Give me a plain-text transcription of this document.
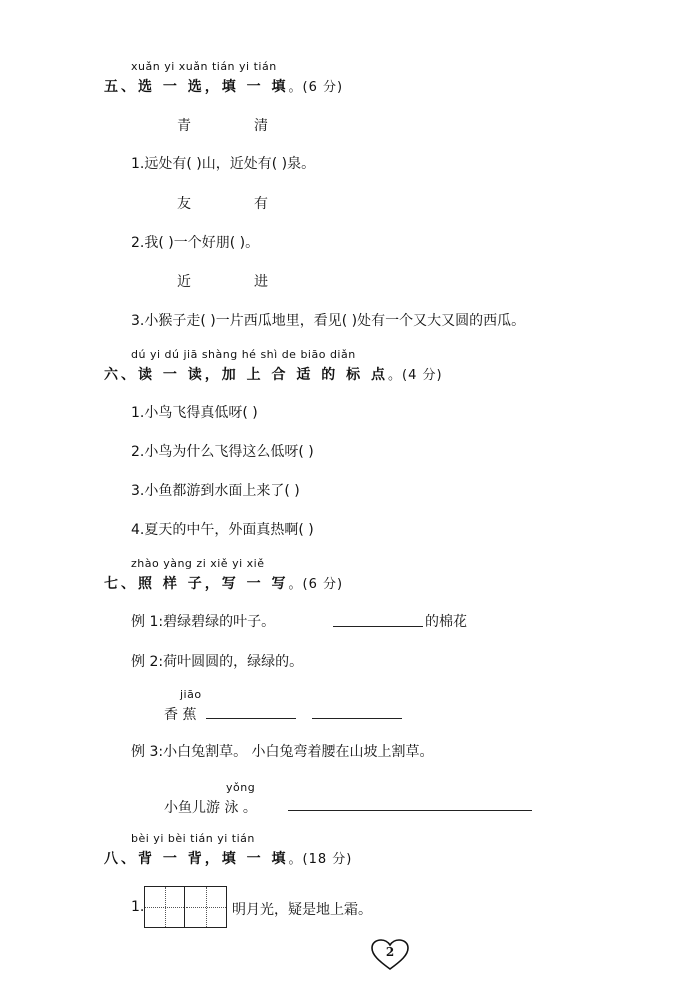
xuǎn yi xuǎn tián yi tián
五、选 一 选，填 一 填。(6 分)
青	清
1.远处有( )山，近处有( )泉。
友	有
2.我( )一个好朋( )。
近	进
3.小猴子走( )一片西瓜地里，看见( )处有一个又大又圆的西瓜。
dú yi dú jiā shàng hé shì de biāo diǎn
六、读 一 读，加 上 合 适 的 标 点。(4 分)
1.小鸟飞得真低呀( )
2.小鸟为什么飞得这么低呀( )
3.小鱼都游到水面上来了( )
4.夏天的中午，外面真热啊( )
zhào yàng zi xiě yi xiě
七、照 样 子，写 一 写。(6 分)
例 1:碧绿碧绿的叶子。	的棉花
例 2:荷叶圆圆的，绿绿的。
jiāo
香 蕉
例 3:小白兔割草。 小白兔弯着腰在山坡上割草。
yǒng
小鱼儿游 泳 。
bèi yi bèi tián yi tián
八、背 一 背，填 一 填。(18 分)
1.	明月光，疑是地上霜。
2
